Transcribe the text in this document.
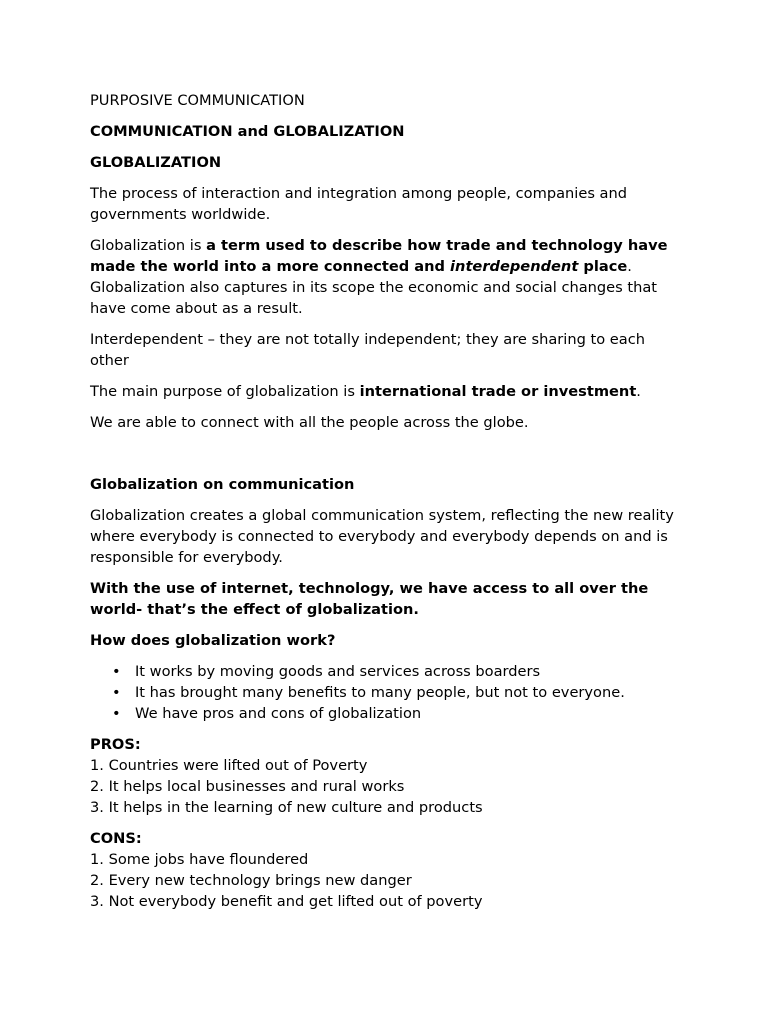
PURPOSIVE COMMUNICATION

COMMUNICATION and GLOBALIZATION

GLOBALIZATION

The process of interaction and integration among people, companies and governments worldwide.

Globalization is a term used to describe how trade and technology have made the world into a more connected and interdependent place. Globalization also captures in its scope the economic and social changes that have come about as a result.

Interdependent – they are not totally independent; they are sharing to each other

The main purpose of globalization is international trade or investment.

We are able to connect with all the people across the globe.

Globalization on communication

Globalization creates a global communication system, reflecting the new reality where everybody is connected to everybody and everybody depends on and is responsible for everybody.

With the use of internet, technology, we have access to all over the world- that’s the effect of globalization.

How does globalization work?

• It works by moving goods and services across boarders
• It has brought many benefits to many people, but not to everyone.
• We have pros and cons of globalization
PROS:
1. Countries were lifted out of Poverty
2. It helps local businesses and rural works
3. It helps in the learning of new culture and products
CONS:
1. Some jobs have floundered
2. Every new technology brings new danger
3. Not everybody benefit and get lifted out of poverty
